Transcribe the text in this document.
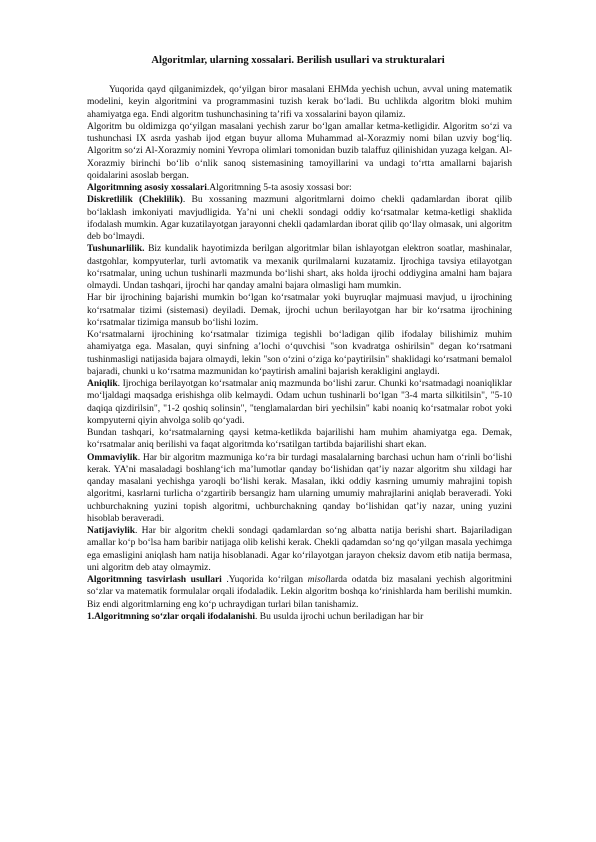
Algoritmlar, ularning xossalari. Berilish usullari va strukturalari

Yuqorida qayd qilganimizdek, qo‘yilgan biror masalani EHMda yechish uchun, avval uning matematik modelini, keyin algoritmini va programmasini tuzish kerak bo‘ladi. Bu uchlikda algoritm bloki muhim ahamiyatga ega. Endi algoritm tushunchasining ta’rifi va xossalarini bayon qilamiz.

Algoritm bu oldimizga qo‘yilgan masalani yechish zarur bo‘lgan amallar ketma-ketligidir. Algoritm so‘zi va tushunchasi IX asrda yashab ijod etgan buyur alloma Muhammad al-Xorazmiy nomi bilan uzviy bog‘liq. Algoritm so‘zi Al-Xorazmiy nomini Yevropa olimlari tomonidan buzib talaffuz qilinishidan yuzaga kelgan. Al-Xorazmiy birinchi bo‘lib o‘nlik sanoq sistemasining tamoyillarini va undagi to‘rtta amallarni bajarish qoidalarini asoslab bergan.

Algoritmning asosiy xossalari.Algoritmning 5-ta asosiy xossasi bor:

Diskretlilik (Cheklilik). Bu xossaning mazmuni algoritmlarni doimo chekli qadamlardan iborat qilib bo‘laklash imkoniyati mavjudligida. Ya’ni uni chekli sondagi oddiy ko‘rsatmalar ketma-ketligi shaklida ifodalash mumkin. Agar kuzatilayotgan jarayonni chekli qadamlardan iborat qilib qo‘llay olmasak, uni algoritm deb bo‘lmaydi.

Tushunarlilik. Biz kundalik hayotimizda berilgan algoritmlar bilan ishlayotgan elektron soatlar, mashinalar, dastgohlar, kompyuterlar, turli avtomatik va mexanik qurilmalarni kuzatamiz. Ijrochiga tavsiya etilayotgan ko‘rsatmalar, uning uchun tushinarli mazmunda bo‘lishi shart, aks holda ijrochi oddiygina amalni ham bajara olmaydi. Undan tashqari, ijrochi har qanday amalni bajara olmasligi ham mumkin.

Har bir ijrochining bajarishi mumkin bo‘lgan ko‘rsatmalar yoki buyruqlar majmuasi mavjud, u ijrochining ko‘rsatmalar tizimi (sistemasi) deyiladi. Demak, ijrochi uchun berilayotgan har bir ko‘rsatma ijrochining ko‘rsatmalar tizimiga mansub bo‘lishi lozim.

Ko‘rsatmalarni ijrochining ko‘rsatmalar tizimiga tegishli bo‘ladigan qilib ifodalay bilishimiz muhim ahamiyatga ega. Masalan, quyi sinfning a’lochi o‘quvchisi "son kvadratga oshirilsin" degan ko‘rsatmani tushinmasligi natijasida bajara olmaydi, lekin "son o‘zini o‘ziga ko‘paytirilsin" shaklidagi ko‘rsatmani bemalol bajaradi, chunki u ko‘rsatma mazmunidan ko‘paytirish amalini bajarish kerakligini anglaydi.

Aniqlik. Ijrochiga berilayotgan ko‘rsatmalar aniq mazmunda bo‘lishi zarur. Chunki ko‘rsatmadagi noaniqliklar mo‘ljaldagi maqsadga erishishga olib kelmaydi. Odam uchun tushinarli bo‘lgan "3-4 marta silkitilsin", "5-10 daqiqa qizdirilsin", "1-2 qoshiq solinsin", "tenglamalardan biri yechilsin" kabi noaniq ko‘rsatmalar robot yoki kompyuterni qiyin ahvolga solib qo‘yadi.

Bundan tashqari, ko‘rsatmalarning qaysi ketma-ketlikda bajarilishi ham muhim ahamiyatga ega. Demak, ko‘rsatmalar aniq berilishi va faqat algoritmda ko‘rsatilgan tartibda bajarilishi shart ekan.

Ommaviylik. Har bir algoritm mazmuniga ko‘ra bir turdagi masalalarning barchasi uchun ham o‘rinli bo‘lishi kerak. YA’ni masaladagi boshlang‘ich ma’lumotlar qanday bo‘lishidan qat’iy nazar algoritm shu xildagi har qanday masalani yechishga yaroqli bo‘lishi kerak. Masalan, ikki oddiy kasrning umumiy mahrajini topish algoritmi, kasrlarni turlicha o‘zgartirib bersangiz ham ularning umumiy mahrajlarini aniqlab beraveradi. Yoki uchburchakning yuzini topish algoritmi, uchburchakning qanday bo‘lishidan qat’iy nazar, uning yuzini hisoblab beraveradi.

Natijaviylik. Har bir algoritm chekli sondagi qadamlardan so‘ng albatta natija berishi shart. Bajariladigan amallar ko‘p bo‘lsa ham baribir natijaga olib kelishi kerak. Chekli qadamdan so‘ng qo‘yilgan masala yechimga ega emasligini aniqlash ham natija hisoblanadi. Agar ko‘rilayotgan jarayon cheksiz davom etib natija bermasa, uni algoritm deb atay olmaymiz.

Algoritmning tasvirlash usullari .Yuqorida ko‘rilgan misollarda odatda biz masalani yechish algoritmini so‘zlar va matematik formulalar orqali ifodaladik. Lekin algoritm boshqa ko‘rinishlarda ham berilishi mumkin. Biz endi algoritmlarning eng ko‘p uchraydigan turlari bilan tanishamiz.

1.Algoritmning so‘zlar orqali ifodalanishi. Bu usulda ijrochi uchun beriladigan har bir
